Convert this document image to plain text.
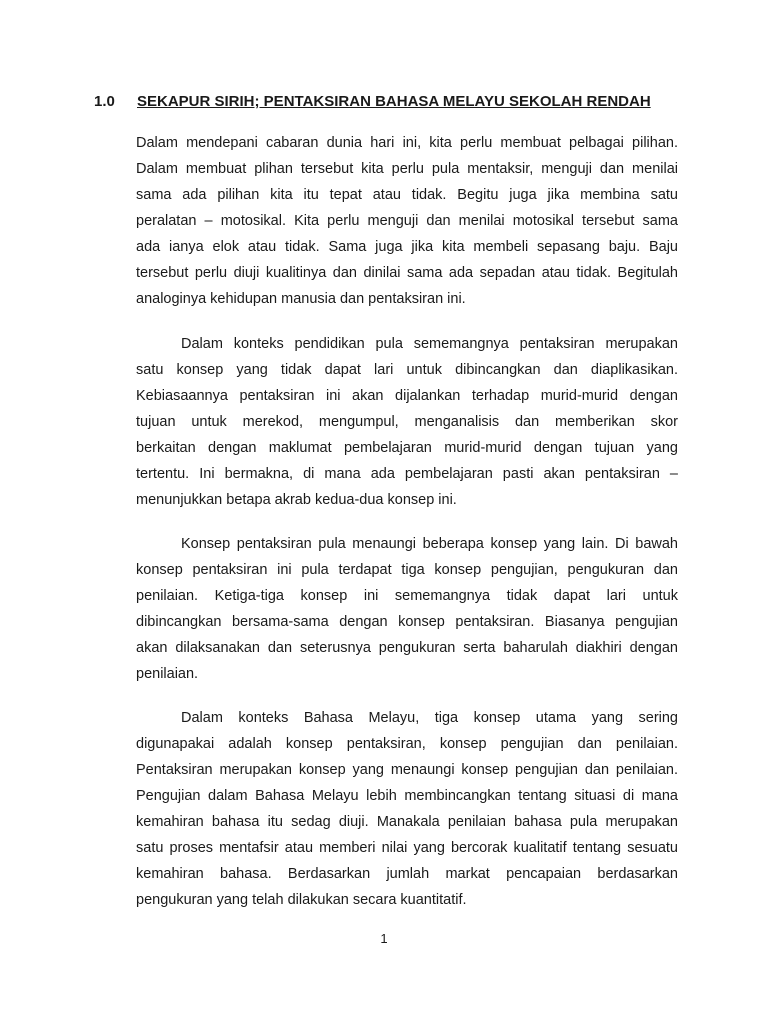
1.0 SEKAPUR SIRIH; PENTAKSIRAN BAHASA MELAYU SEKOLAH RENDAH
Dalam mendepani cabaran dunia hari ini, kita perlu membuat pelbagai pilihan.
Dalam membuat plihan tersebut kita perlu pula mentaksir, menguji dan menilai
sama ada pilihan kita itu tepat atau tidak. Begitu juga jika membina satu
peralatan – motosikal. Kita perlu menguji dan menilai motosikal tersebut sama
ada ianya elok atau tidak. Sama juga jika kita membeli sepasang baju. Baju
tersebut perlu diuji kualitinya dan dinilai sama ada sepadan atau tidak. Begitulah
analoginya kehidupan manusia dan pentaksiran ini.
Dalam konteks pendidikan pula sememangnya pentaksiran merupakan
satu konsep yang tidak dapat lari untuk dibincangkan dan diaplikasikan.
Kebiasaannya pentaksiran ini akan dijalankan terhadap murid-murid dengan
tujuan untuk merekod, mengumpul, menganalisis dan memberikan skor
berkaitan dengan maklumat pembelajaran murid-murid dengan tujuan yang
tertentu. Ini bermakna, di mana ada pembelajaran pasti akan pentaksiran –
menunjukkan betapa akrab kedua-dua konsep ini.
Konsep pentaksiran pula menaungi beberapa konsep yang lain. Di bawah
konsep pentaksiran ini pula terdapat tiga konsep pengujian, pengukuran dan
penilaian. Ketiga-tiga konsep ini sememangnya tidak dapat lari untuk
dibincangkan bersama-sama dengan konsep pentaksiran. Biasanya pengujian
akan dilaksanakan dan seterusnya pengukuran serta baharulah diakhiri dengan
penilaian.
Dalam konteks Bahasa Melayu, tiga konsep utama yang sering
digunapakai adalah konsep pentaksiran, konsep pengujian dan penilaian.
Pentaksiran merupakan konsep yang menaungi konsep pengujian dan penilaian.
Pengujian dalam Bahasa Melayu lebih membincangkan tentang situasi di mana
kemahiran bahasa itu sedag diuji. Manakala penilaian bahasa pula merupakan
satu proses mentafsir atau memberi nilai yang bercorak kualitatif tentang sesuatu
kemahiran bahasa. Berdasarkan jumlah markat pencapaian berdasarkan
pengukuran yang telah dilakukan secara kuantitatif.
1
